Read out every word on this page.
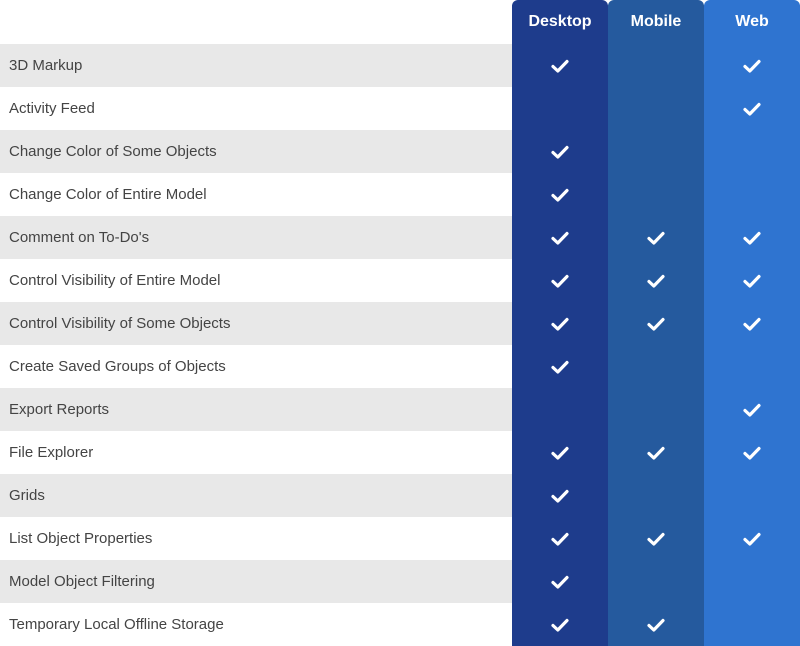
Desktop	Mobile	Web
3D Markup
Activity Feed
Change Color of Some Objects
Change Color of Entire Model
Comment on To-Do's
Control Visibility of Entire Model
Control Visibility of Some Objects
Create Saved Groups of Objects
Export Reports
File Explorer
Grids
List Object Properties
Model Object Filtering
Temporary Local Offline Storage
